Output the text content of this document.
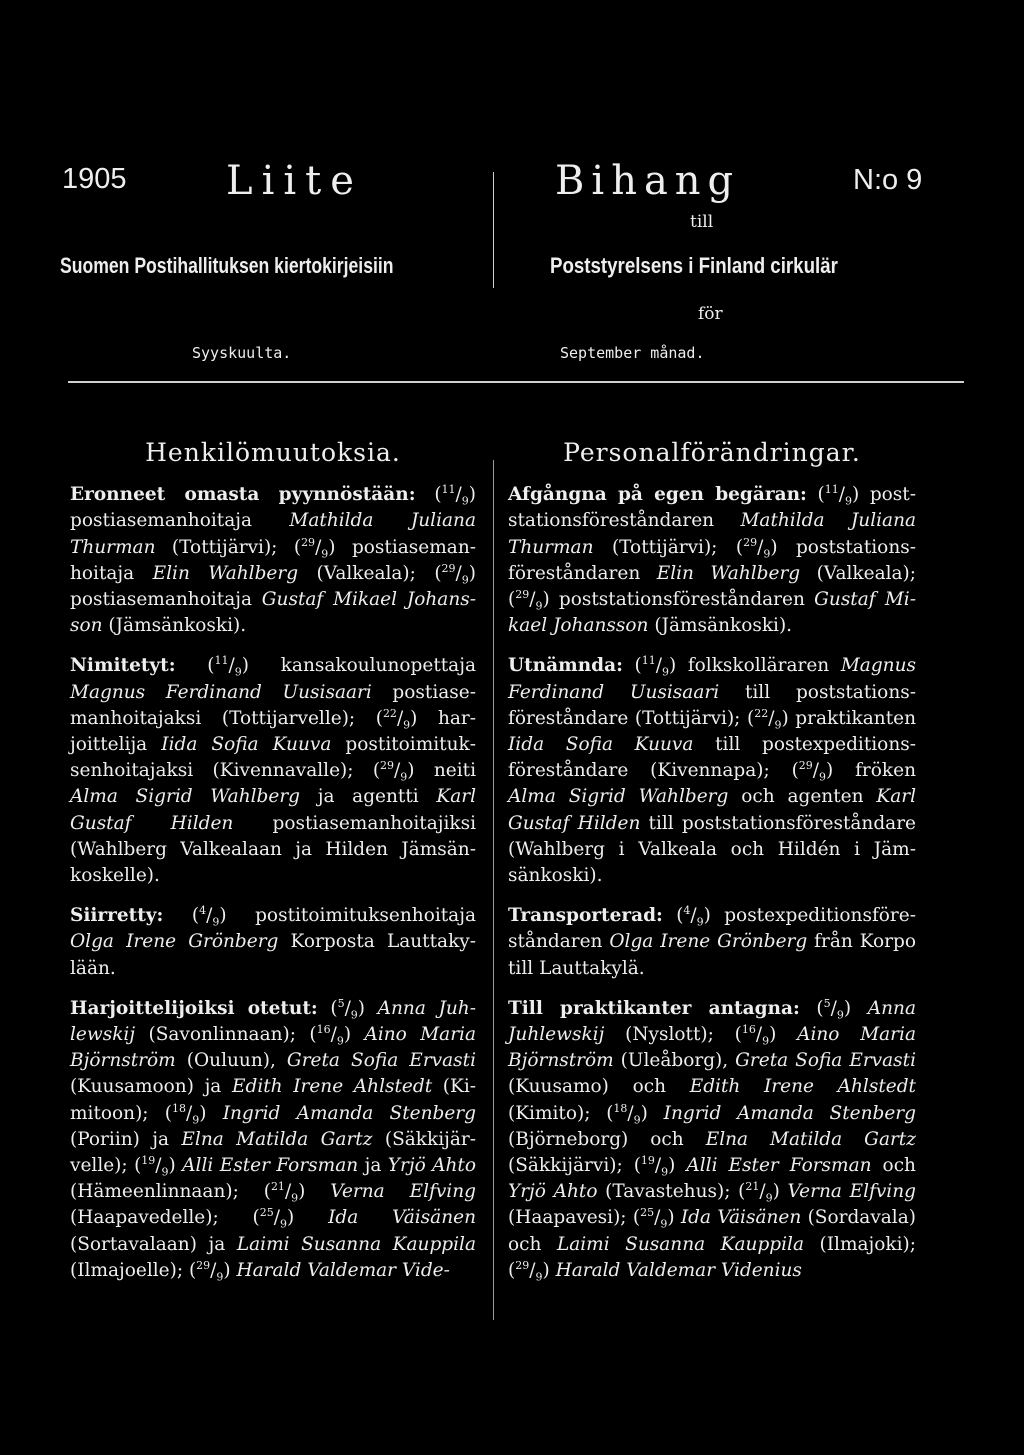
1905 Liite	Bihang	N:o 9
till
Suomen Postihallituksen kiertokirjeisiin	Poststyrelsens i Finland cirkulär
för
Syyskuulta.	September månad.
Henkilömuutoksia.

Eronneet omasta pyynnöstään: $(^{11}/_9)$ postiasemanhoitaja Mathilda Juliana Thurman (Tottijärvi); $(^{29}/_9)$ postiasemanhoitaja Elin Wahlberg (Valkeala); $(^{29}/_9)$ postiasemanhoitaja Gustaf Mikael Johansson (Jämsänkoski).

Nimitetyt: $(^{11}/_9)$ kansakoulunopettaja Magnus Ferdinand Uusisaari postiasemanhoitajaksi (Tottijarvelle); $(^{22}/_9)$ harjoittelija Iida Sofia Kuuva postitoimituksenhoitajaksi (Kivennavalle); $(^{29}/_9)$ neiti Alma Sigrid Wahlberg ja agentti Karl Gustaf Hilden postiasemanhoitajiksi (Wahlberg Valkealaan ja Hilden Jämsänkoskelle).

Siirretty: $(^4/_9)$ postitoimituksenhoitaja Olga Irene Grönberg Korposta Lauttakylään.

Harjoittelijoiksi otetut: $(^5/_9)$ Anna Juhlewskij (Savonlinnaan); $(^{16}/_9)$ Aino Maria Björnström (Ouluun), Greta Sofia Ervasti (Kuusamoon) ja Edith Irene Ahlstedt (Kimitoon); $(^{18}/_9)$ Ingrid Amanda Stenberg (Poriin) ja Elna Matilda Gartz (Säkkijärvelle); $(^{19}/_9)$ Alli Ester Forsman ja Yrjö Ahto (Hämeenlinnaan); $(^{21}/_9)$ Verna Elfving (Haapavedelle); $(^{25}/_9)$ Ida Väisänen (Sortavalaan) ja Laimi Susanna Kauppila (Ilmajoelle); $(^{29}/_9)$ Harald Valdemar Vide-

Personalförändringar.

Afgångna på egen begäran: $(^{11}/_9)$ poststationsföreståndaren Mathilda Juliana Thurman (Tottijärvi); $(^{29}/_9)$ poststationsföreståndaren Elin Wahlberg (Valkeala); $(^{29}/_9)$ poststationsföreståndaren Gustaf Mikael Johansson (Jämsänkoski).

Utnämnda: $(^{11}/_9)$ folkskolläraren Magnus Ferdinand Uusisaari till poststationsföreståndare (Tottijärvi); $(^{22}/_9)$ praktikanten Iida Sofia Kuuva till postexpeditionsföreståndare (Kivennapa); $(^{29}/_9)$ fröken Alma Sigrid Wahlberg och agenten Karl Gustaf Hilden till poststationsföreståndare (Wahlberg i Valkeala och Hildén i Jämsänkoski).

Transporterad: $(^4/_9)$ postexpeditionsföreståndaren Olga Irene Grönberg från Korpo till Lauttakylä.

Till praktikanter antagna: $(^5/_9)$ Anna Juhlewskij (Nyslott); $(^{16}/_9)$ Aino Maria Björnström (Uleåborg), Greta Sofia Ervasti (Kuusamo) och Edith Irene Ahlstedt (Kimito); $(^{18}/_9)$ Ingrid Amanda Stenberg (Björneborg) och Elna Matilda Gartz (Säkkijärvi); $(^{19}/_9)$ Alli Ester Forsman och Yrjö Ahto (Tavastehus); $(^{21}/_9)$ Verna Elfving (Haapavesi); $(^{25}/_9)$ Ida Väisänen (Sordavala) och Laimi Susanna Kauppila (Ilmajoki); $(^{29}/_9)$ Harald Valdemar Videnius
